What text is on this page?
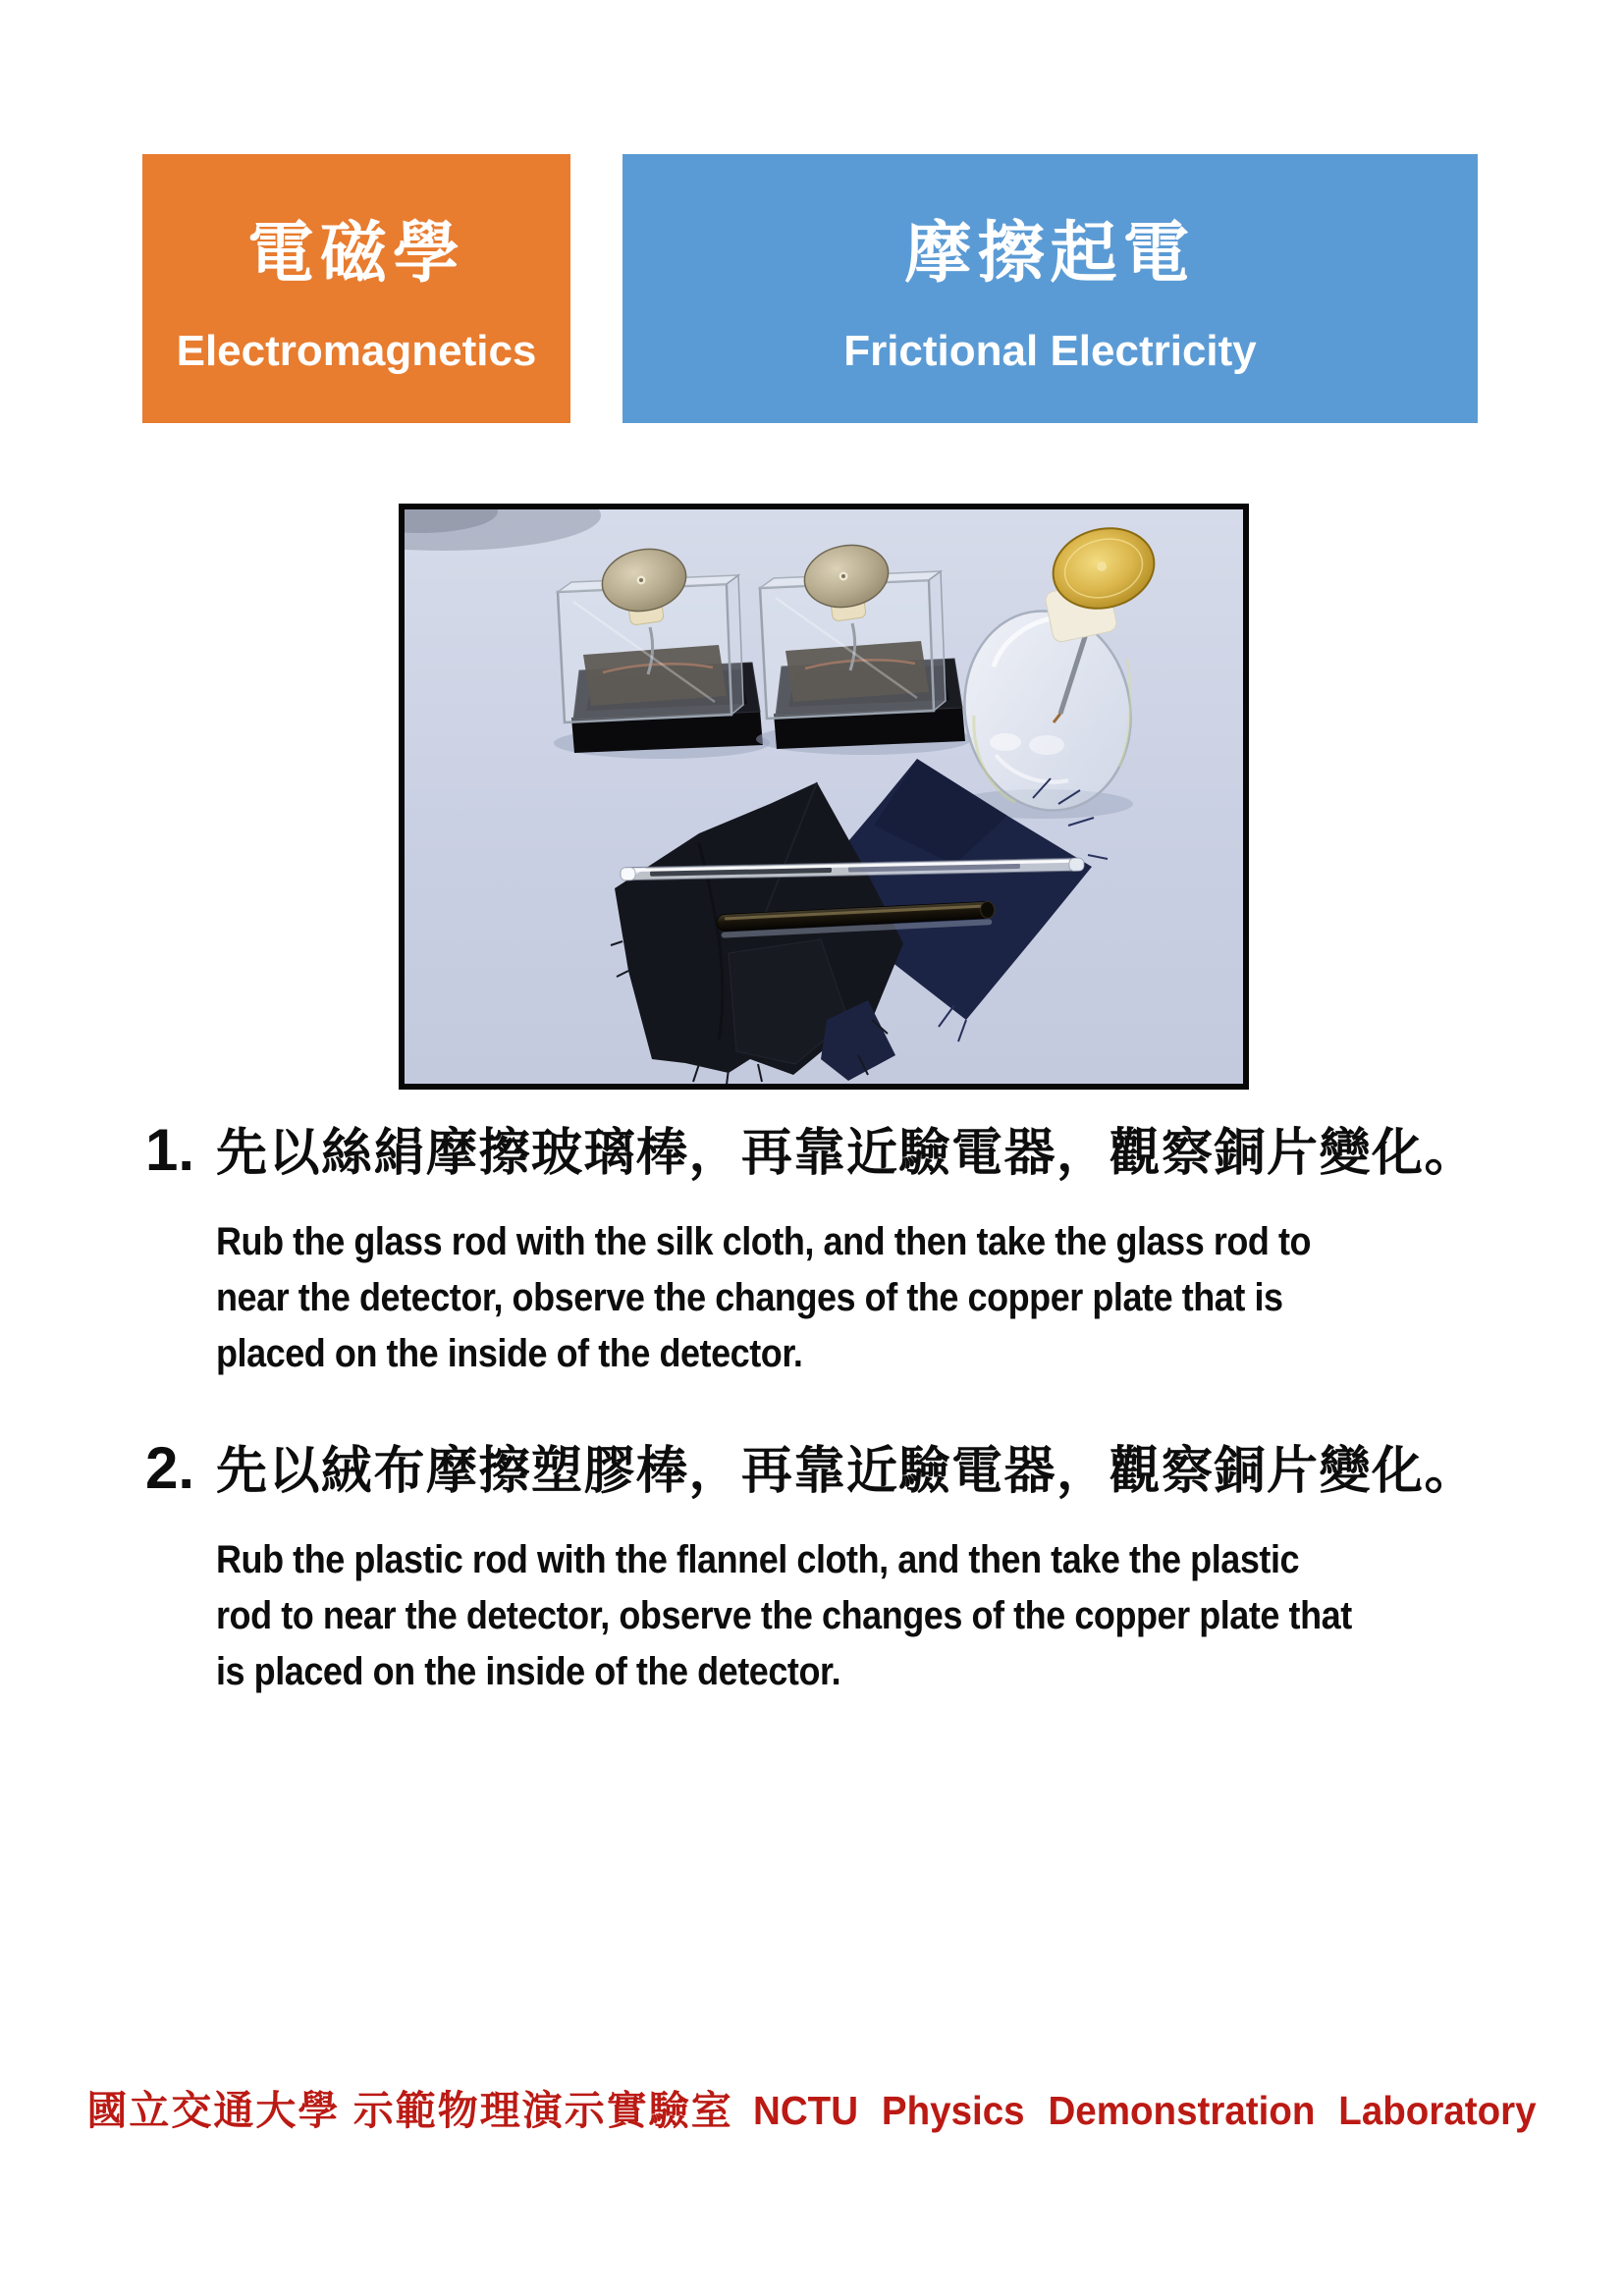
電磁學
Electromagnetics
摩擦起電
Frictional Electricity
1. 先以絲絹摩擦玻璃棒，再靠近驗電器，觀察銅片變化。
Rub the glass rod with the silk cloth, and then take the glass rod to
near the detector, observe the changes of the copper plate that is
placed on the inside of the detector.
2. 先以絨布摩擦塑膠棒，再靠近驗電器，觀察銅片變化。
Rub the plastic rod with the flannel cloth, and then take the plastic
rod to near the detector, observe the changes of the copper plate that
is placed on the inside of the detector.
國立交通大學 示範物理演示實驗室 NCTU Physics Demonstration Laboratory
